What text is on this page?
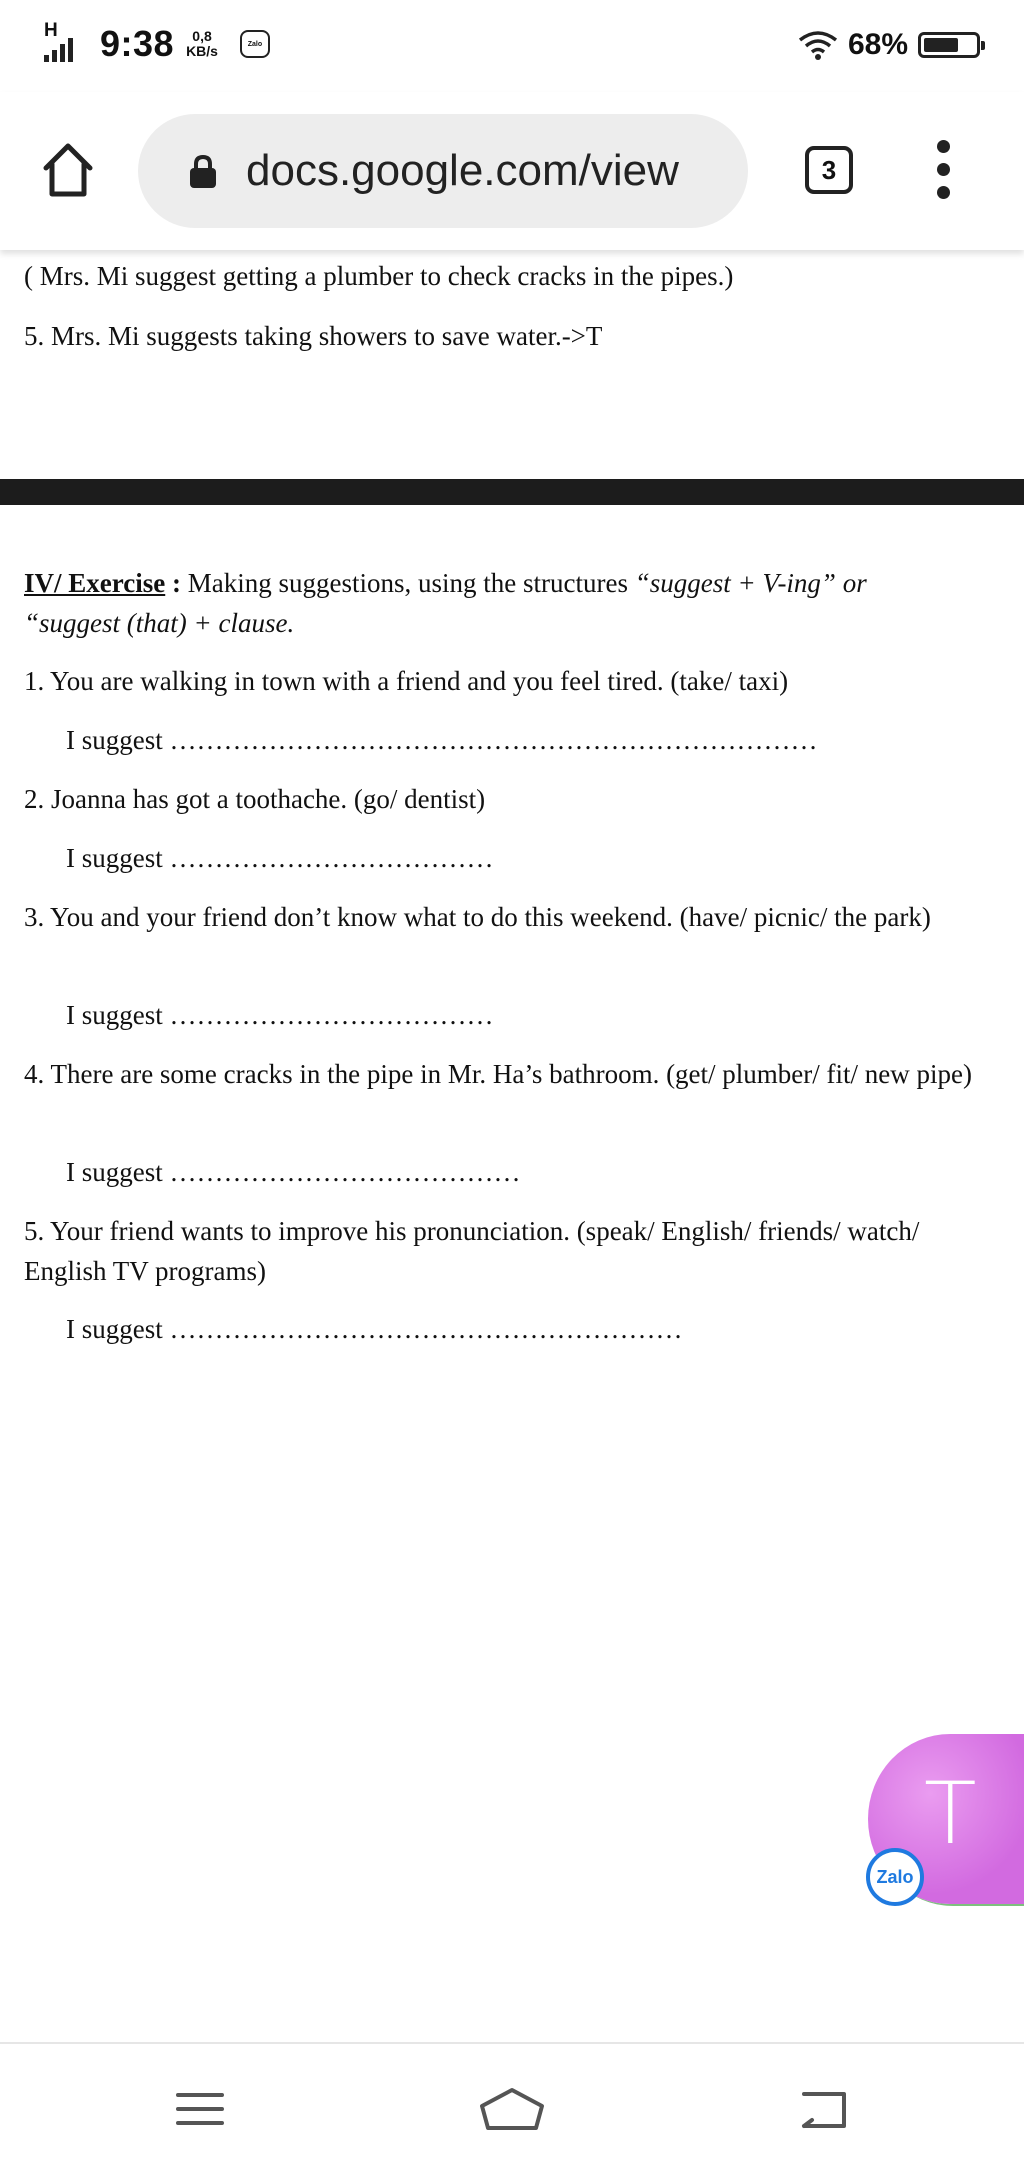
H 9:38	0,8
KB/s	Zalo	68%
docs.google.com/view	3

( Mrs. Mi suggest getting a plumber to check cracks in the pipes.)

5. Mrs. Mi suggests taking showers to save water.->T

IV/ Exercise : Making suggestions, using the structures “suggest + V-ing” or
“suggest (that) + clause.

1. You are walking in town with a friend and you feel tired. (take/ taxi)

I suggest ………………………………………………………………

2. Joanna has got a toothache. (go/ dentist)

I suggest ………………………………

3. You and your friend don’t know what to do this weekend. (have/ picnic/ the park)

I suggest ………………………………

4. There are some cracks in the pipe in Mr. Ha’s bathroom. (get/ plumber/ fit/ new pipe)

I suggest …………………………………

5. Your friend wants to improve his pronunciation. (speak/ English/ friends/ watch/ English TV programs)

I suggest …………………………………………………

T
Zalo
